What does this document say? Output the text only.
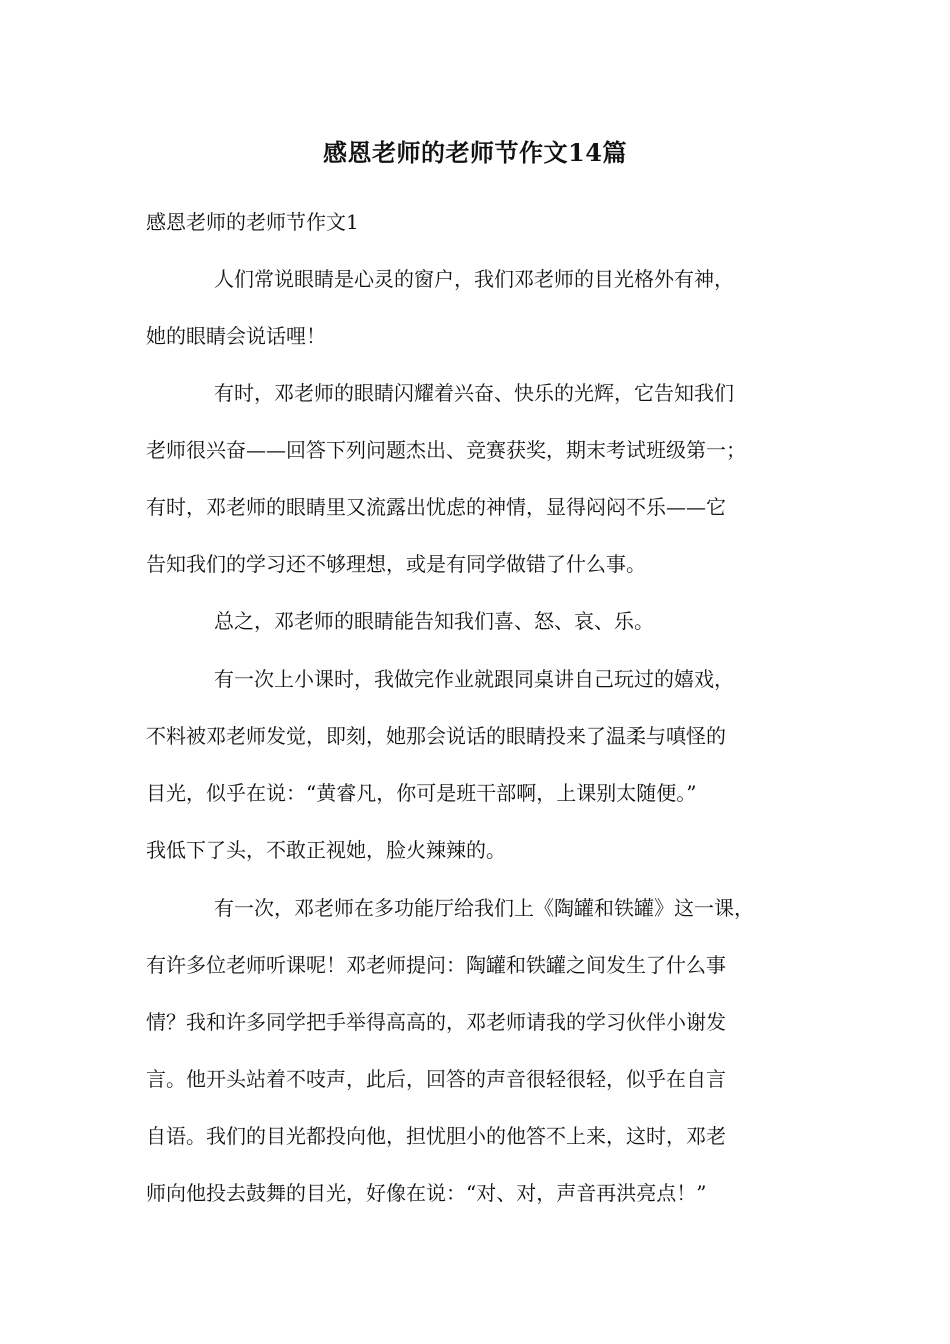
感恩老师的老师节作文14篇
感恩老师的老师节作文1
人们常说眼睛是心灵的窗户，我们邓老师的目光格外有神，
她的眼睛会说话哩！
有时，邓老师的眼睛闪耀着兴奋、快乐的光辉，它告知我们
老师很兴奋——回答下列问题杰出、竞赛获奖，期末考试班级第一；
有时，邓老师的眼睛里又流露出忧虑的神情，显得闷闷不乐——它
告知我们的学习还不够理想，或是有同学做错了什么事。
总之，邓老师的眼睛能告知我们喜、怒、哀、乐。
有一次上小课时，我做完作业就跟同桌讲自己玩过的嬉戏，
不料被邓老师发觉，即刻，她那会说话的眼睛投来了温柔与嗔怪的
目光，似乎在说：“黄睿凡，你可是班干部啊，上课别太随便。”
我低下了头，不敢正视她，脸火辣辣的。
有一次，邓老师在多功能厅给我们上《陶罐和铁罐》这一课，
有许多位老师听课呢！邓老师提问：陶罐和铁罐之间发生了什么事
情？我和许多同学把手举得高高的，邓老师请我的学习伙伴小谢发
言。他开头站着不吱声，此后，回答的声音很轻很轻，似乎在自言
自语。我们的目光都投向他，担忧胆小的他答不上来，这时，邓老
师向他投去鼓舞的目光，好像在说：“对、对，声音再洪亮点！”
